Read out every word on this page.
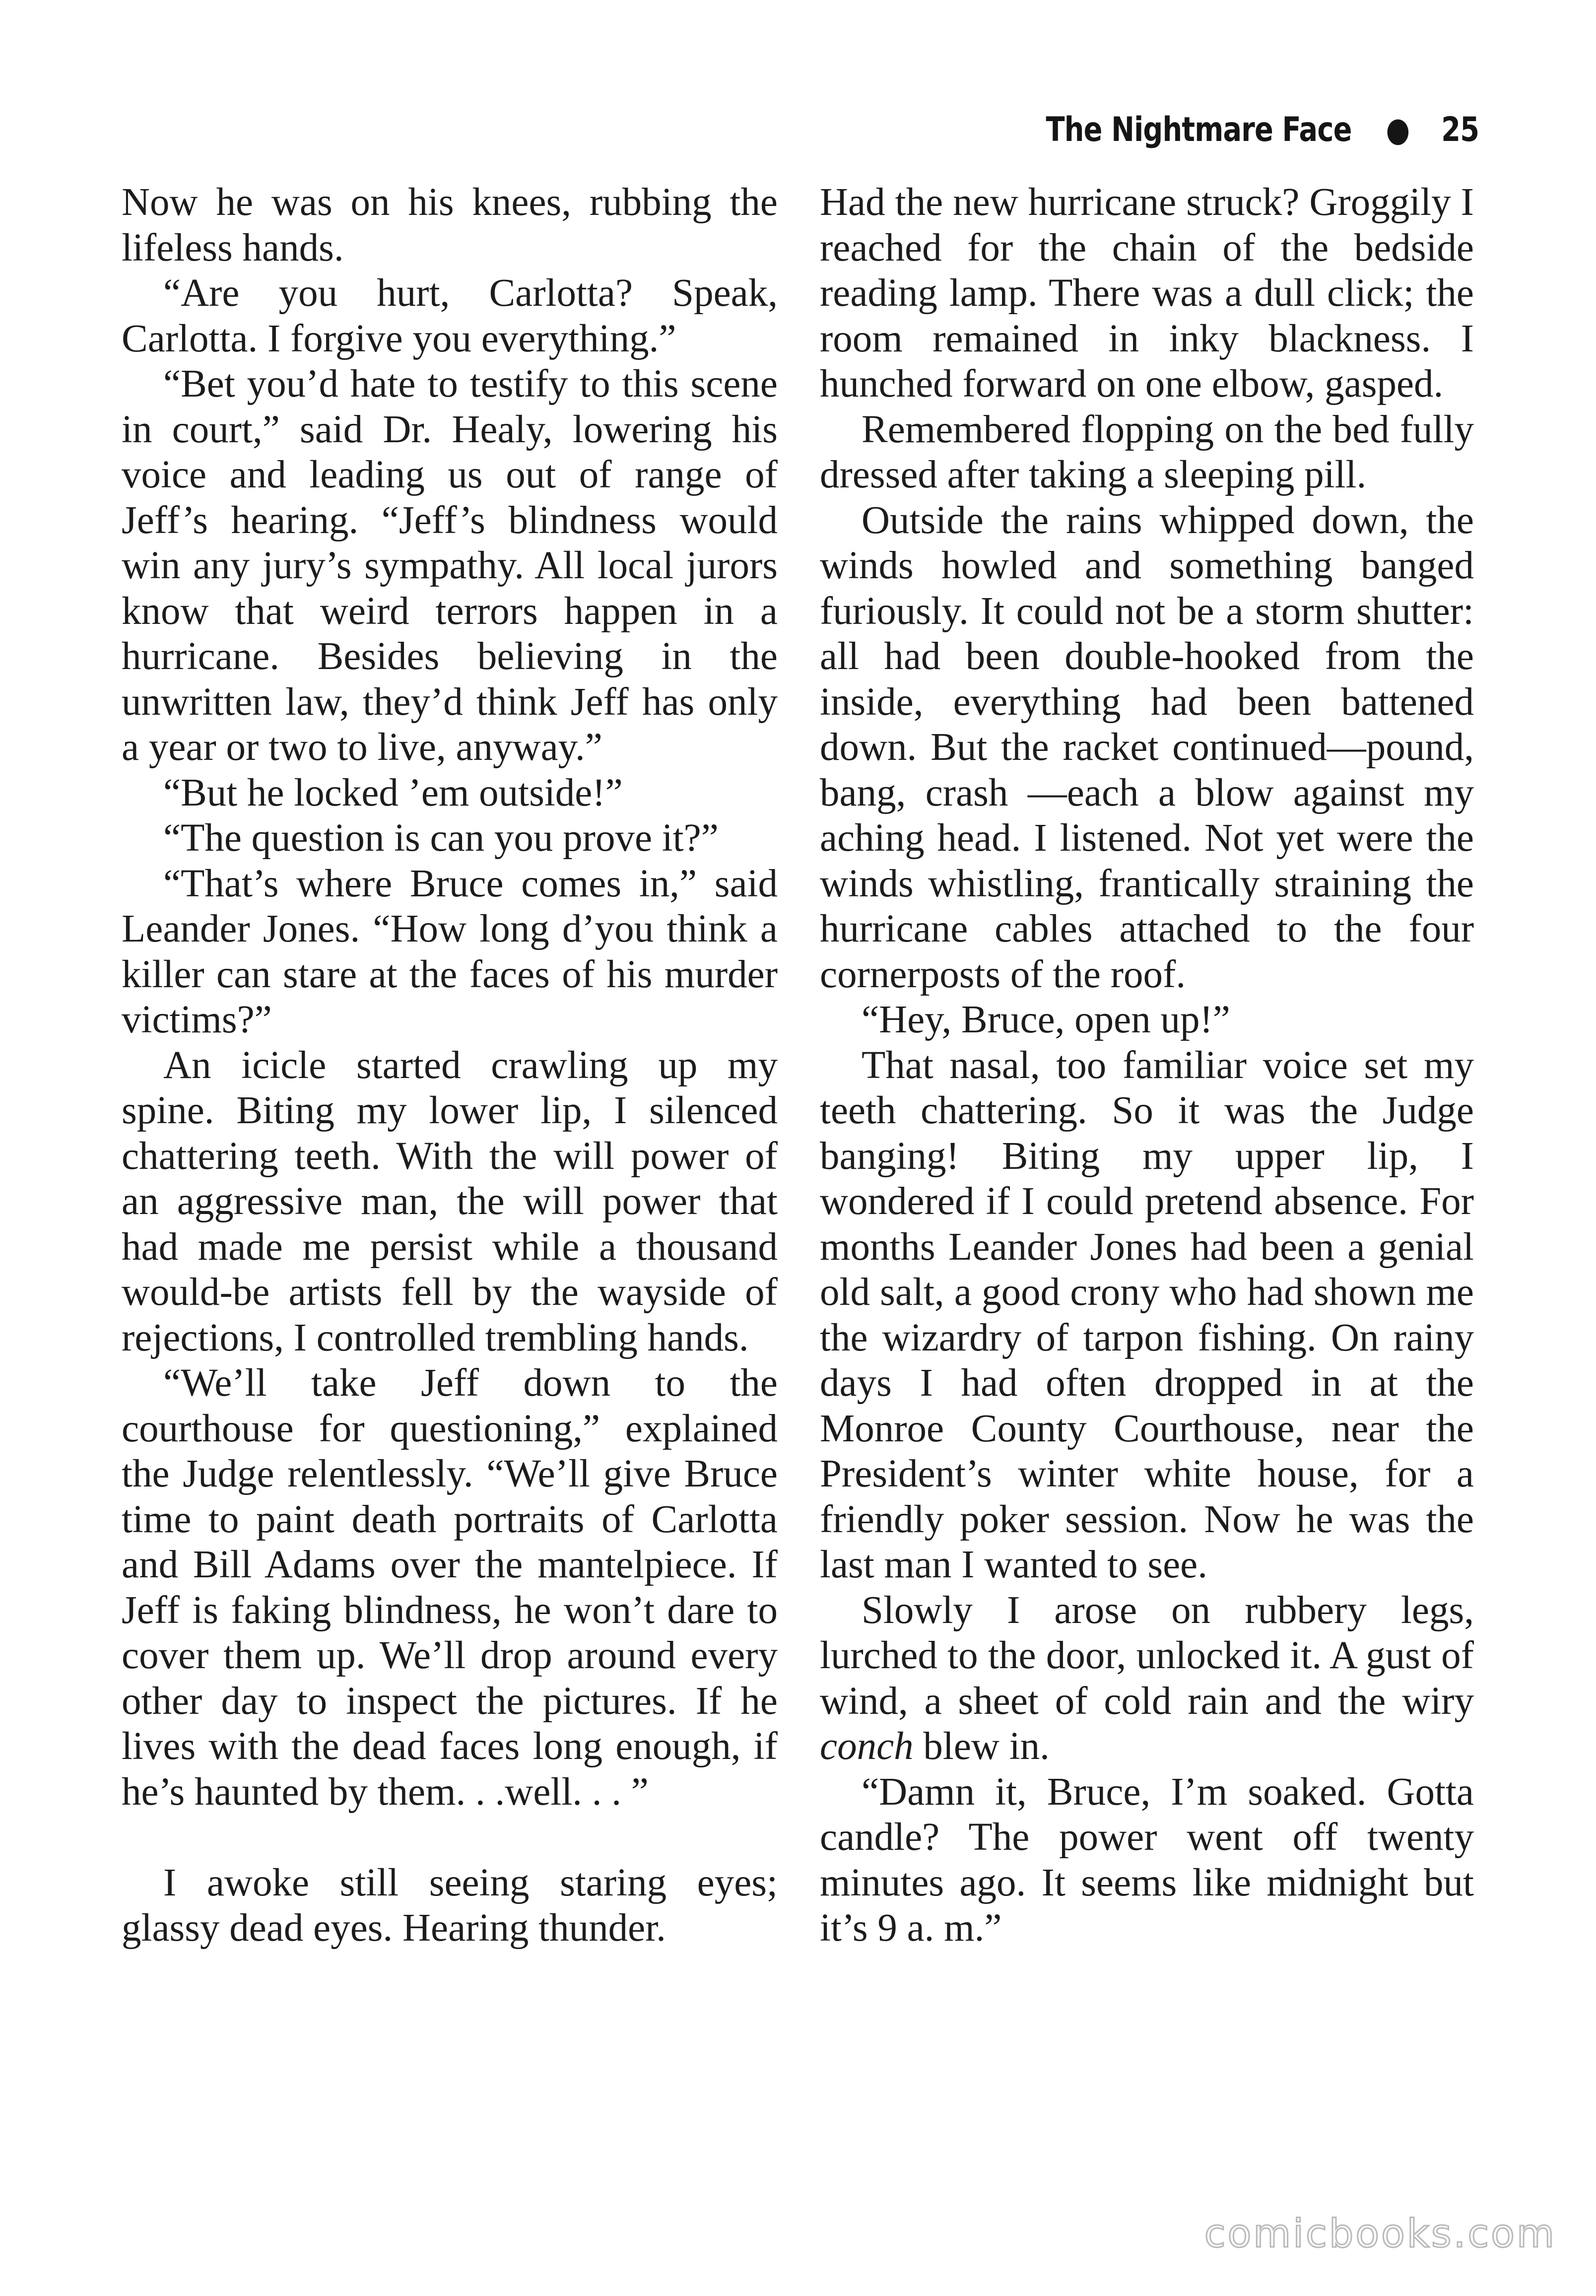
The Nightmare Face ● 25

Now he was on his knees, rubbing the lifeless hands.

“Are you hurt, Carlotta? Speak, Carlotta. I forgive you everything.”

“Bet you’d hate to testify to this scene in court,” said Dr. Healy, lowering his voice and leading us out of range of Jeff’s hearing. “Jeff’s blindness would win any jury’s sympathy. All local jurors know that weird terrors happen in a hurricane. Besides believing in the unwritten law, they’d think Jeff has only a year or two to live, anyway.”

“But he locked ’em outside!”

“The question is can you prove it?”

“That’s where Bruce comes in,” said Leander Jones. “How long d’you think a killer can stare at the faces of his murder victims?”

An icicle started crawling up my spine. Biting my lower lip, I silenced chattering teeth. With the will power of an aggressive man, the will power that had made me persist while a thousand would-be artists fell by the wayside of rejections, I controlled trembling hands.

“We’ll take Jeff down to the courthouse for questioning,” explained the Judge relentlessly. “We’ll give Bruce time to paint death portraits of Carlotta and Bill Adams over the mantelpiece. If Jeff is faking blindness, he won’t dare to cover them up. We’ll drop around every other day to inspect the pictures. If he lives with the dead faces long enough, if he’s haunted by them. . .well. . . ”

I awoke still seeing staring eyes; glassy dead eyes. Hearing thunder.

Had the new hurricane struck? Groggily I reached for the chain of the bedside reading lamp. There was a dull click; the room remained in inky blackness. I hunched forward on one elbow, gasped.

Remembered flopping on the bed fully dressed after taking a sleeping pill.

Outside the rains whipped down, the winds howled and something banged furiously. It could not be a storm shutter: all had been double-hooked from the inside, everything had been battened down. But the racket continued—pound, bang, crash —each a blow against my aching head. I listened. Not yet were the winds whistling, frantically straining the hurricane cables attached to the four cornerposts of the roof.

“Hey, Bruce, open up!”

That nasal, too familiar voice set my teeth chattering. So it was the Judge banging! Biting my upper lip, I wondered if I could pretend absence. For months Leander Jones had been a genial old salt, a good crony who had shown me the wizardry of tarpon fishing. On rainy days I had often dropped in at the Monroe County Courthouse, near the President’s winter white house, for a friendly poker session. Now he was the last man I wanted to see.

Slowly I arose on rubbery legs, lurched to the door, unlocked it. A gust of wind, a sheet of cold rain and the wiry conch blew in.

“Damn it, Bruce, I’m soaked. Gotta candle? The power went off twenty minutes ago. It seems like midnight but it’s 9 a. m.”

comicbooks.com
